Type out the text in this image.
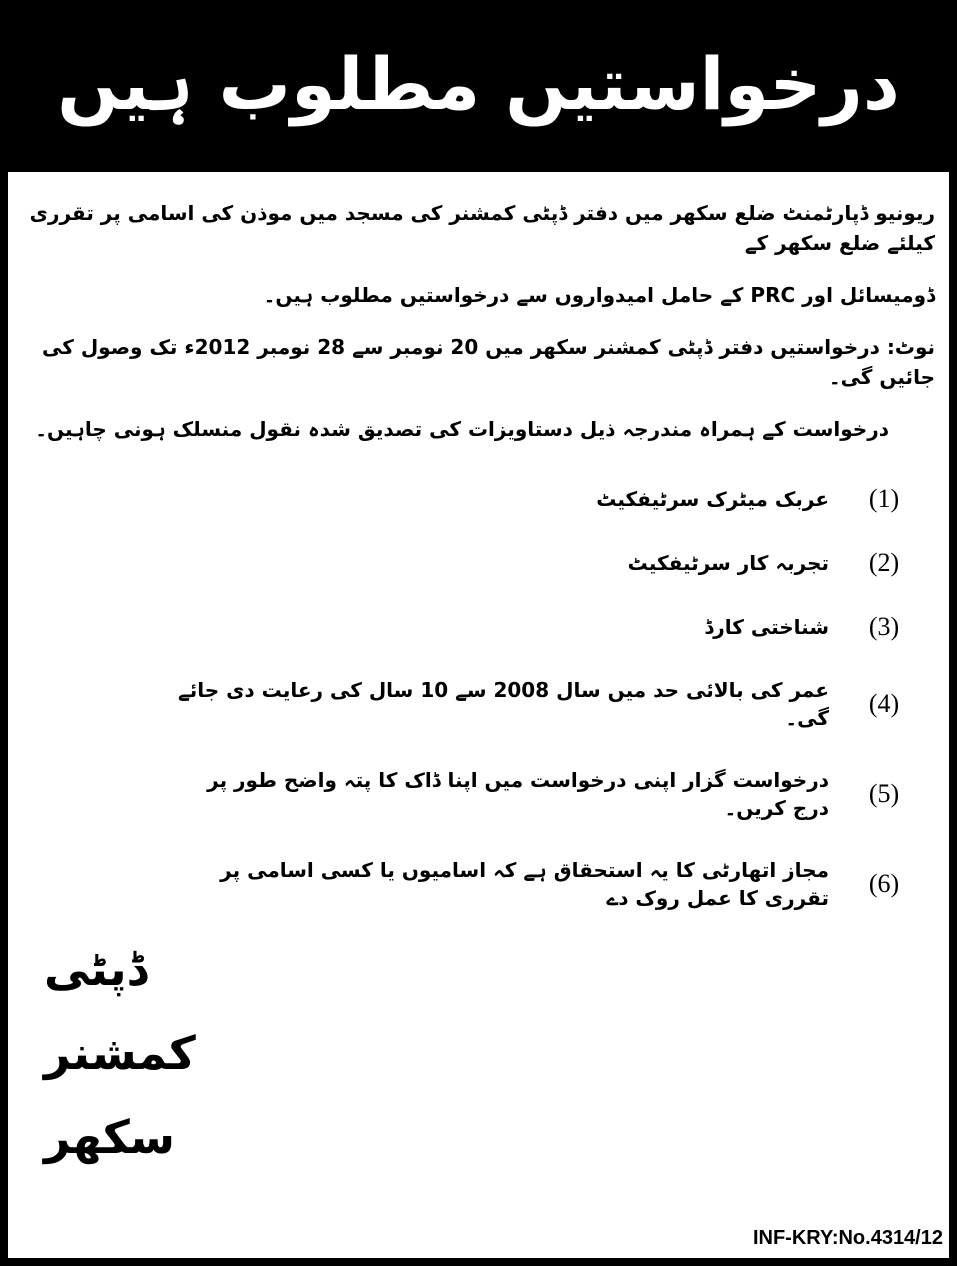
درخواستیں مطلوب ہیں
ریونیو ڈپارٹمنٹ ضلع سکھر میں دفتر ڈپٹی کمشنر کی مسجد میں موذن کی اسامی پر تقرری کیلئے ضلع سکھر کے
ڈومیسائل اور PRC کے حامل امیدواروں سے درخواستیں مطلوب ہیں۔
نوٹ: درخواستیں دفتر ڈپٹی کمشنر سکھر میں 20 نومبر سے 28 نومبر 2012ء تک وصول کی جائیں گی۔
درخواست کے ہمراہ مندرجہ ذیل دستاویزات کی تصدیق شدہ نقول منسلک ہونی چاہیں۔
(1)
عربک میٹرک سرٹیفکیٹ
(2)
تجربہ کار سرٹیفکیٹ
(3)
شناختی کارڈ
(4)
عمر کی بالائی حد میں سال 2008 سے 10 سال کی رعایت دی جائے گی۔
(5)
درخواست گزار اپنی درخواست میں اپنا ڈاک کا پتہ واضح طور پر درج کریں۔
(6)
مجاز اتھارٹی کا یہ استحقاق ہے کہ اسامیوں یا کسی اسامی پر تقرری کا عمل روک دے
ڈپٹی
کمشنر
سکھر
INF-KRY:No.4314/12
